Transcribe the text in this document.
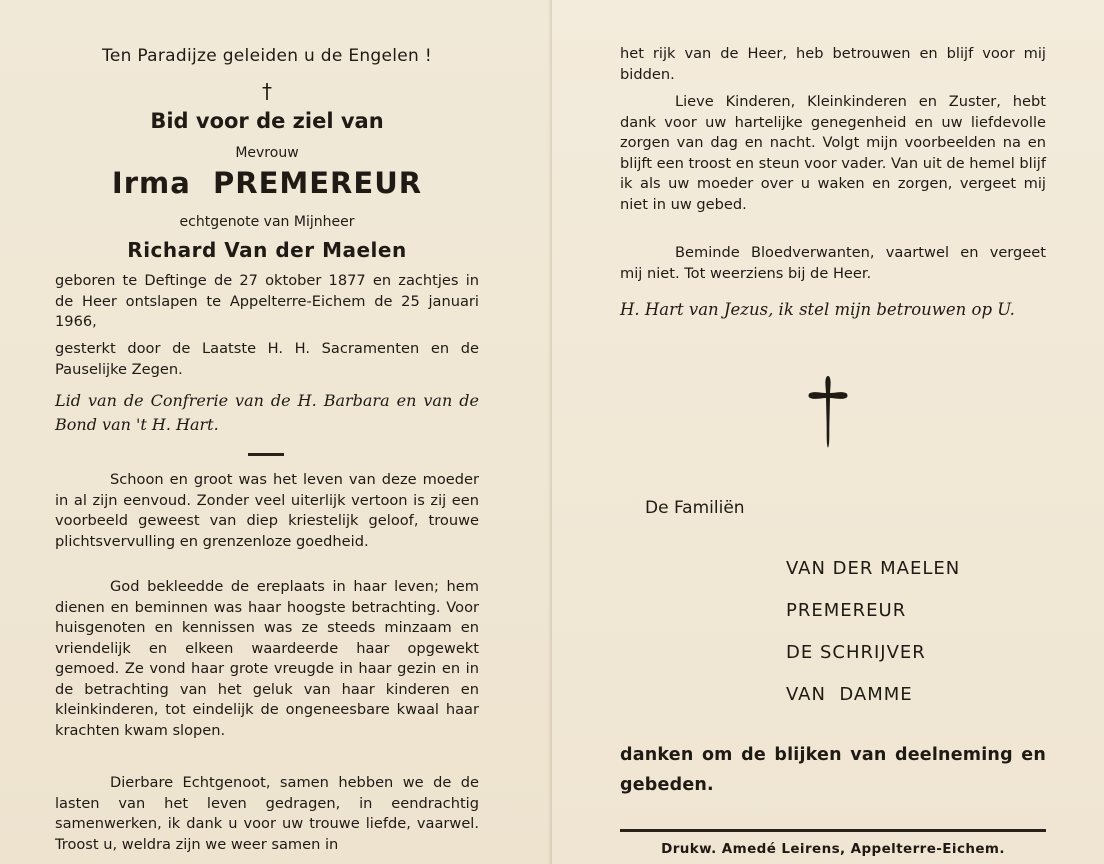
Ten Paradijze geleiden u de Engelen !
†
Bid voor de ziel van
Mevrouw
Irma  PREMEREUR
echtgenote van Mijnheer
Richard Van der Maelen
geboren te Deftinge de 27 oktober 1877 en zachtjes in de Heer ontslapen te Appelterre-Eichem de 25 januari 1966,
gesterkt door de Laatste H. H. Sacramenten en de Pauselijke Zegen.
Lid van de Confrerie van de H. Barbara en van de Bond van 't H. Hart.
Schoon en groot was het leven van deze moeder in al zijn eenvoud. Zonder veel uiterlijk vertoon is zij een voorbeeld geweest van diep kriestelijk geloof, trouwe plichtsvervulling en grenzenloze goedheid.
God bekleedde de ereplaats in haar leven; hem dienen en beminnen was haar hoogste betrachting. Voor huisgenoten en kennissen was ze steeds minzaam en vriendelijk en elkeen waardeerde haar opgewekt gemoed. Ze vond haar grote vreugde in haar gezin en in de betrachting van het geluk van haar kinderen en kleinkinderen, tot eindelijk de ongeneesbare kwaal haar krachten kwam slopen.
Dierbare Echtgenoot, samen hebben we de de lasten van het leven gedragen, in eendrachtig samenwerken, ik dank u voor uw trouwe liefde, vaarwel. Troost u, weldra zijn we weer samen in
het rijk van de Heer, heb betrouwen en blijf voor mij bidden.
Lieve Kinderen, Kleinkinderen en Zuster, hebt dank voor uw hartelijke genegenheid en uw liefdevolle zorgen van dag en nacht. Volgt mijn voorbeelden na en blijft een troost en steun voor vader. Van uit de hemel blijf ik als uw moeder over u waken en zorgen, vergeet mij niet in uw gebed.
Beminde Bloedverwanten, vaartwel en vergeet mij niet. Tot weerziens bij de Heer.
H. Hart van Jezus, ik stel mijn betrouwen op U.
De Familiën
VAN DER MAELEN
PREMEREUR
DE SCHRIJVER
VAN  DAMME
danken om de blijken van deelneming en gebeden.
Drukw. Amedé Leirens, Appelterre-Eichem.
